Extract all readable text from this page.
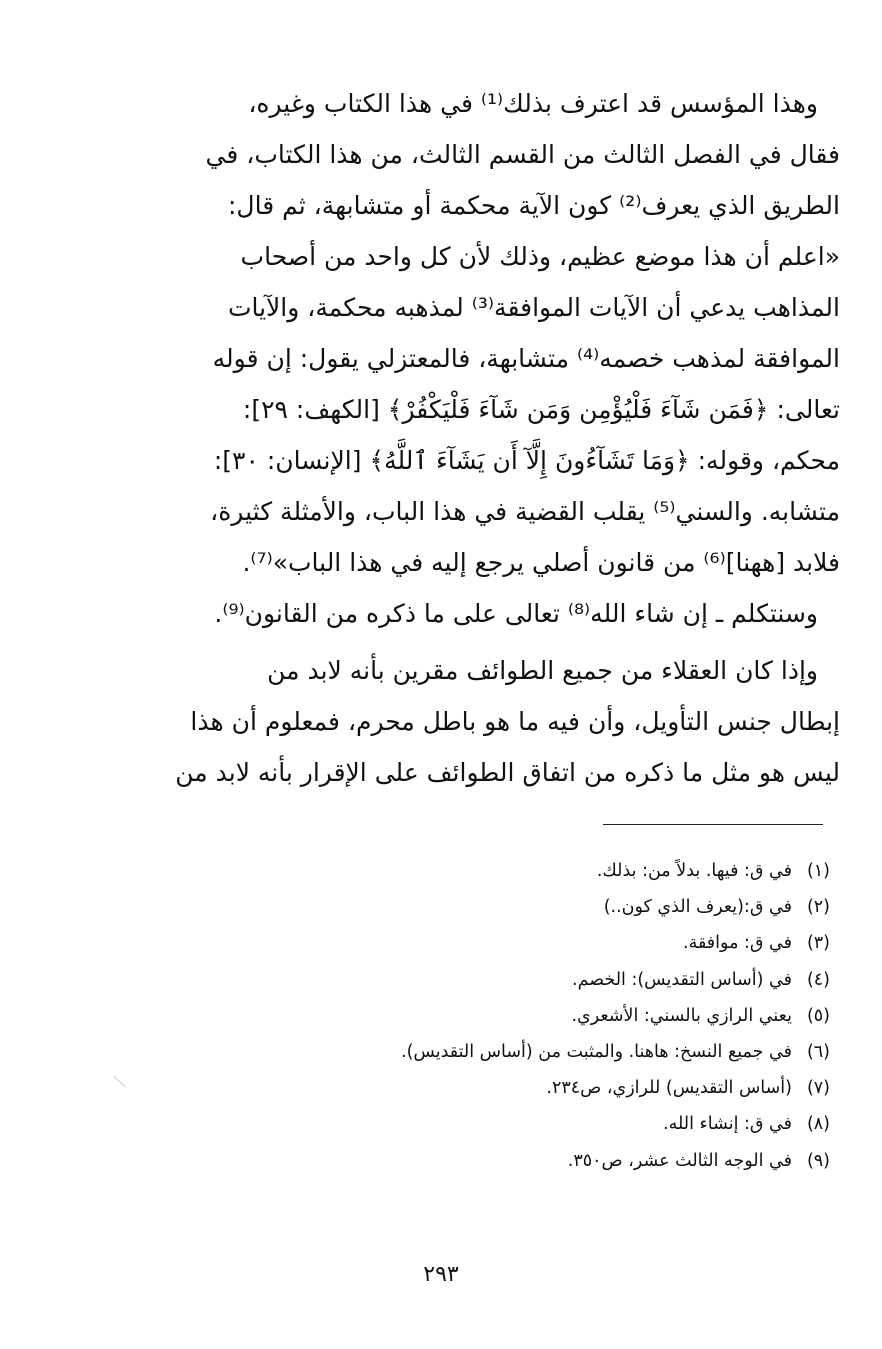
وهذا المؤسس قد اعترف بذلك⁽¹⁾ في هذا الكتاب وغيره،
فقال في الفصل الثالث من القسم الثالث، من هذا الكتاب، في
الطريق الذي يعرف⁽²⁾ كون الآية محكمة أو متشابهة، ثم قال:
«اعلم أن هذا موضع عظيم، وذلك لأن كل واحد من أصحاب
المذاهب يدعي أن الآيات الموافقة⁽³⁾ لمذهبه محكمة، والآيات
الموافقة لمذهب خصمه⁽⁴⁾ متشابهة، فالمعتزلي يقول: إن قوله
تعالى: ﴿فَمَن شَآءَ فَلْيُؤْمِن وَمَن شَآءَ فَلْيَكْفُرْ﴾ [الكهف: ٢٩]:
محكم، وقوله: ﴿وَمَا تَشَآءُونَ إِلَّآ أَن يَشَآءَ ٱللَّهُ﴾ [الإنسان: ٣٠]:
متشابه. والسني⁽⁵⁾ يقلب القضية في هذا الباب، والأمثلة كثيرة،
فلابد [ههنا]⁽⁶⁾ من قانون أصلي يرجع إليه في هذا الباب»⁽⁷⁾.
وسنتكلم ـ إن شاء الله⁽⁸⁾ تعالى على ما ذكره من القانون⁽⁹⁾.
وإذا كان العقلاء من جميع الطوائف مقرين بأنه لابد من
إبطال جنس التأويل، وأن فيه ما هو باطل محرم، فمعلوم أن هذا
ليس هو مثل ما ذكره من اتفاق الطوائف على الإقرار بأنه لابد من
(١)
في ق: فيها. بدلاً من: بذلك.
(٢)
في ق:(يعرف الذي كون..)
(٣)
في ق: موافقة.
(٤)
في (أساس التقديس): الخصم.
(٥)
يعني الرازي بالسني: الأشعري.
(٦)
في جميع النسخ: هاهنا. والمثبت من (أساس التقديس).
(٧)
(أساس التقديس) للرازي، ص٢٣٤.
(٨)
في ق: إنشاء الله.
(٩)
في الوجه الثالث عشر، ص٣٥٠.
٢٩٣
